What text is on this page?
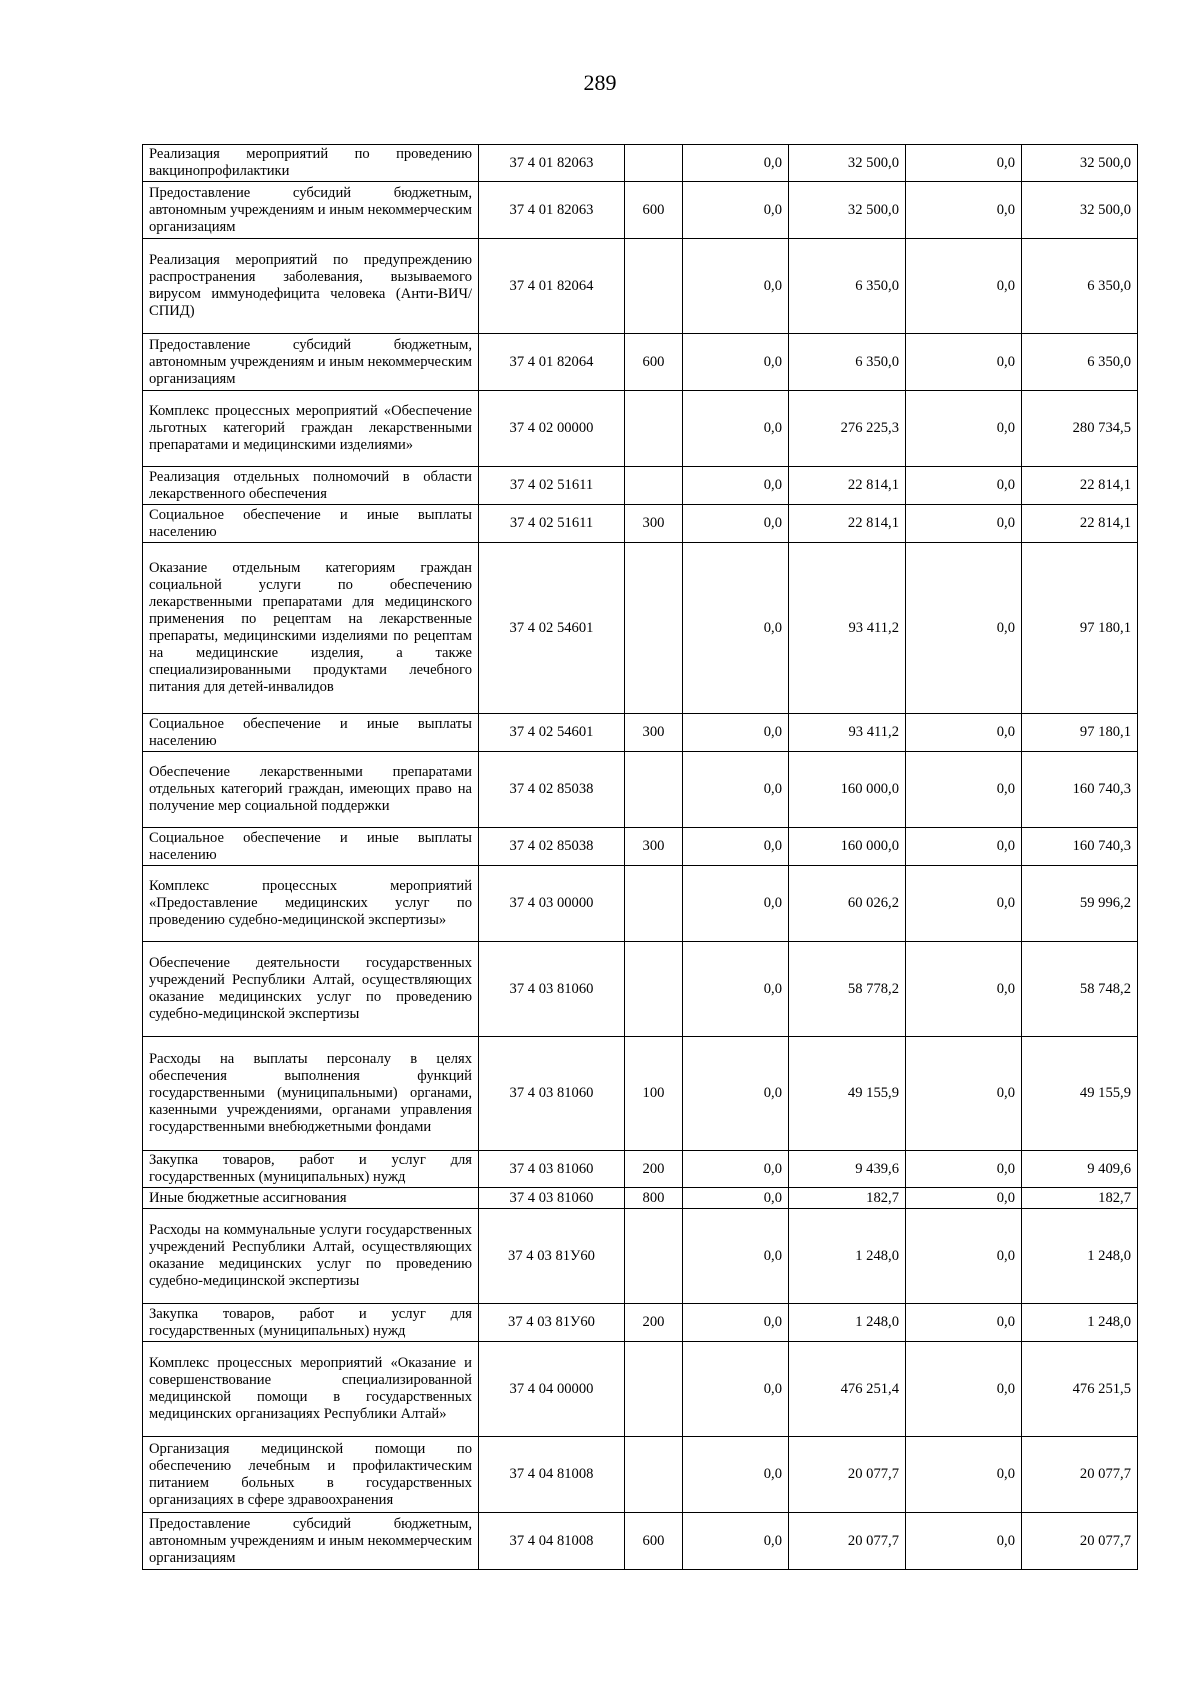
289
Реализация мероприятий по проведению вакцинопрофилактики	37 4 01 82063		0,0	32 500,0	0,0	32 500,0
Предоставление субсидий бюджетным, автономным учреждениям и иным некоммерческим организациям	37 4 01 82063	600	0,0	32 500,0	0,0	32 500,0
Реализация мероприятий по предупреждению распространения заболевания, вызываемого вирусом иммунодефицита человека (Анти-ВИЧ/СПИД)	37 4 01 82064		0,0	6 350,0	0,0	6 350,0
Предоставление субсидий бюджетным, автономным учреждениям и иным некоммерческим организациям	37 4 01 82064	600	0,0	6 350,0	0,0	6 350,0
Комплекс процессных мероприятий «Обеспечение льготных категорий граждан лекарственными препаратами и медицинскими изделиями»	37 4 02 00000		0,0	276 225,3	0,0	280 734,5
Реализация отдельных полномочий в области лекарственного обеспечения	37 4 02 51611		0,0	22 814,1	0,0	22 814,1
Социальное обеспечение и иные выплаты населению	37 4 02 51611	300	0,0	22 814,1	0,0	22 814,1
Оказание отдельным категориям граждан социальной услуги по обеспечению лекарственными препаратами для медицинского применения по рецептам на лекарственные препараты, медицинскими изделиями по рецептам на медицинские изделия, а также специализированными продуктами лечебного питания для детей-инвалидов	37 4 02 54601		0,0	93 411,2	0,0	97 180,1
Социальное обеспечение и иные выплаты населению	37 4 02 54601	300	0,0	93 411,2	0,0	97 180,1
Обеспечение лекарственными препаратами отдельных категорий граждан, имеющих право на получение мер социальной поддержки	37 4 02 85038		0,0	160 000,0	0,0	160 740,3
Социальное обеспечение и иные выплаты населению	37 4 02 85038	300	0,0	160 000,0	0,0	160 740,3
Комплекс процессных мероприятий «Предоставление медицинских услуг по проведению судебно-медицинской экспертизы»	37 4 03 00000		0,0	60 026,2	0,0	59 996,2
Обеспечение деятельности государственных учреждений Республики Алтай, осуществляющих оказание медицинских услуг по проведению судебно-медицинской экспертизы	37 4 03 81060		0,0	58 778,2	0,0	58 748,2
Расходы на выплаты персоналу в целях обеспечения выполнения функций государственными (муниципальными) органами, казенными учреждениями, органами управления государственными внебюджетными фондами	37 4 03 81060	100	0,0	49 155,9	0,0	49 155,9
Закупка товаров, работ и услуг для государственных (муниципальных) нужд	37 4 03 81060	200	0,0	9 439,6	0,0	9 409,6
Иные бюджетные ассигнования	37 4 03 81060	800	0,0	182,7	0,0	182,7
Расходы на коммунальные услуги государственных учреждений Республики Алтай, осуществляющих оказание медицинских услуг по проведению судебно-медицинской экспертизы	37 4 03 81У60		0,0	1 248,0	0,0	1 248,0
Закупка товаров, работ и услуг для государственных (муниципальных) нужд	37 4 03 81У60	200	0,0	1 248,0	0,0	1 248,0
Комплекс процессных мероприятий «Оказание и совершенствование специализированной медицинской помощи в государственных медицинских организациях Республики Алтай»	37 4 04 00000		0,0	476 251,4	0,0	476 251,5
Организация медицинской помощи по обеспечению лечебным и профилактическим питанием больных в государственных организациях в сфере здравоохранения	37 4 04 81008		0,0	20 077,7	0,0	20 077,7
Предоставление субсидий бюджетным, автономным учреждениям и иным некоммерческим организациям	37 4 04 81008	600	0,0	20 077,7	0,0	20 077,7
